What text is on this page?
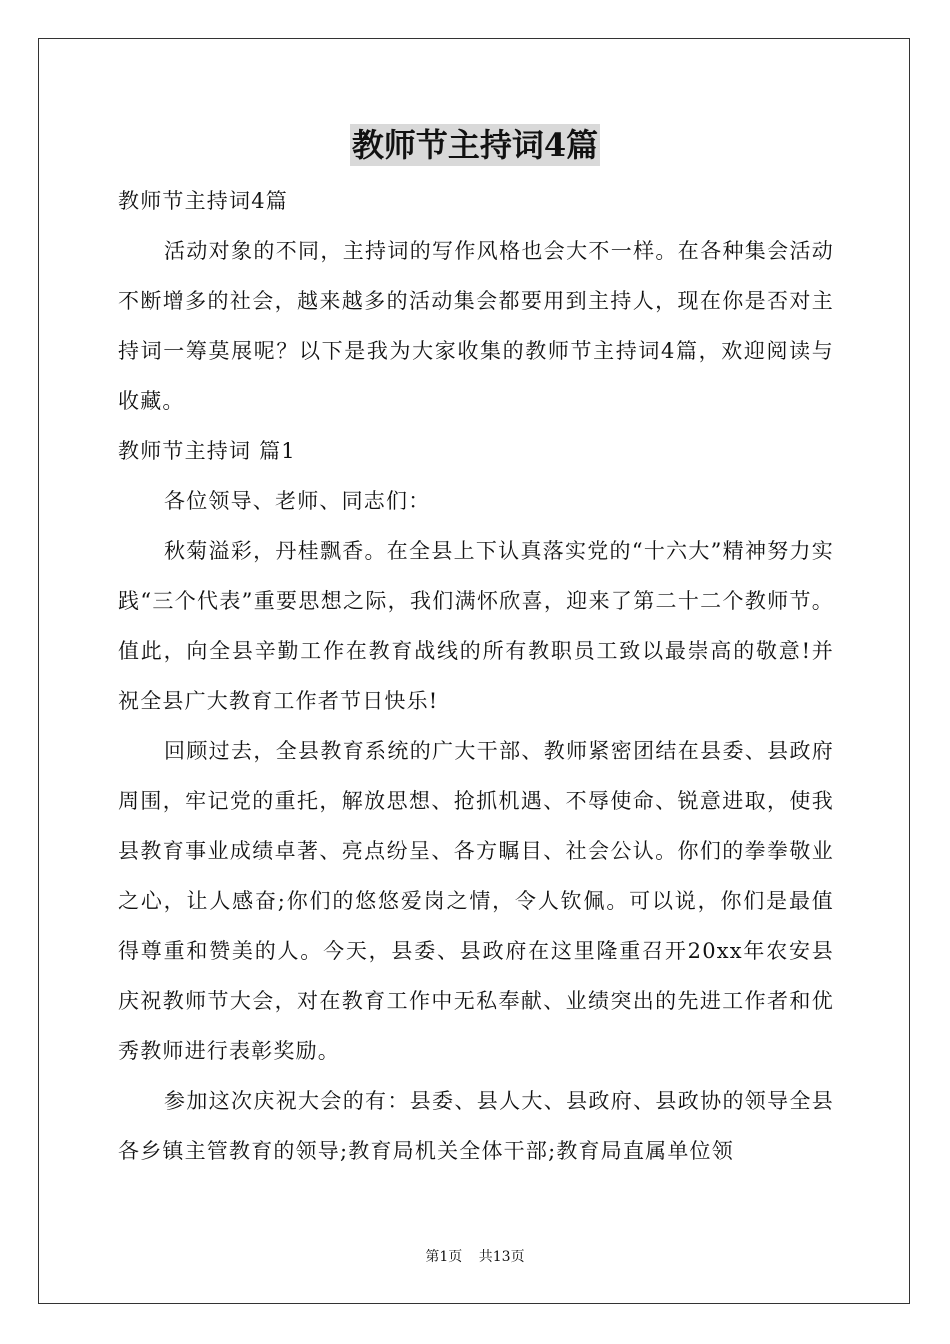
教师节主持词4篇

教师节主持词4篇

活动对象的不同，主持词的写作风格也会大不一样。在各种集会活动不断增多的社会，越来越多的活动集会都要用到主持人，现在你是否对主持词一筹莫展呢？以下是我为大家收集的教师节主持词4篇，欢迎阅读与收藏。

教师节主持词 篇1

各位领导、老师、同志们：

秋菊溢彩，丹桂飘香。在全县上下认真落实党的“十六大”精神努力实践“三个代表”重要思想之际，我们满怀欣喜，迎来了第二十二个教师节。值此，向全县辛勤工作在教育战线的所有教职员工致以最崇高的敬意!并祝全县广大教育工作者节日快乐!

回顾过去，全县教育系统的广大干部、教师紧密团结在县委、县政府周围，牢记党的重托，解放思想、抢抓机遇、不辱使命、锐意进取，使我县教育事业成绩卓著、亮点纷呈、各方瞩目、社会公认。你们的拳拳敬业之心，让人感奋;你们的悠悠爱岗之情，令人钦佩。可以说，你们是最值得尊重和赞美的人。今天，县委、县政府在这里隆重召开20xx年农安县庆祝教师节大会，对在教育工作中无私奉献、业绩突出的先进工作者和优秀教师进行表彰奖励。

参加这次庆祝大会的有：县委、县人大、县政府、县政协的领导全县各乡镇主管教育的领导;教育局机关全体干部;教育局直属单位领

第1页 共13页
